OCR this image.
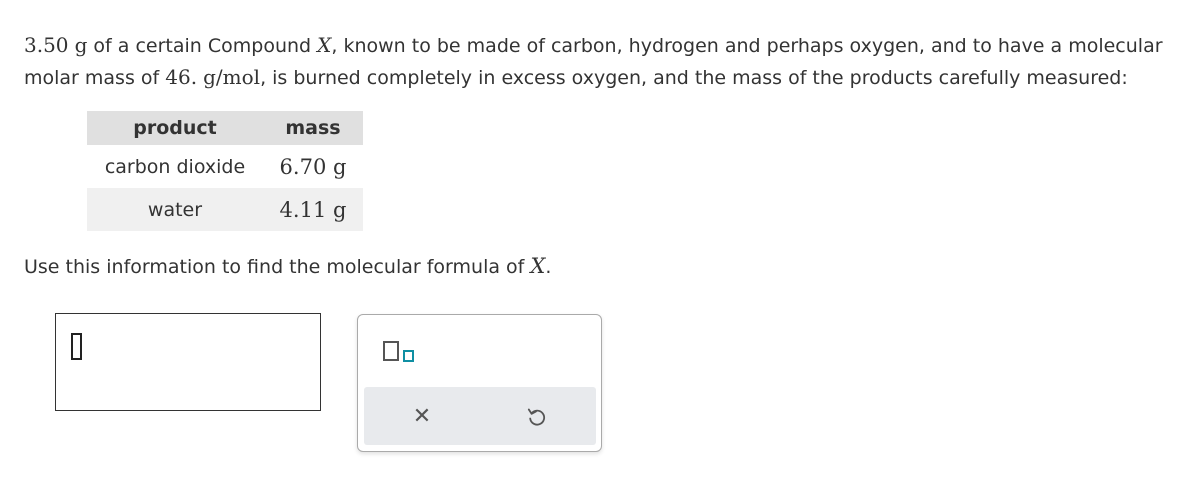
3.50 g of a certain Compound X, known to be made of carbon, hydrogen and perhaps oxygen, and to have a molecular molar mass of 46. g/mol, is burned completely in excess oxygen, and the mass of the products carefully measured:
product	mass
carbon dioxide	6.70 g
water	4.11 g
Use this information to find the molecular formula of X.
✕
